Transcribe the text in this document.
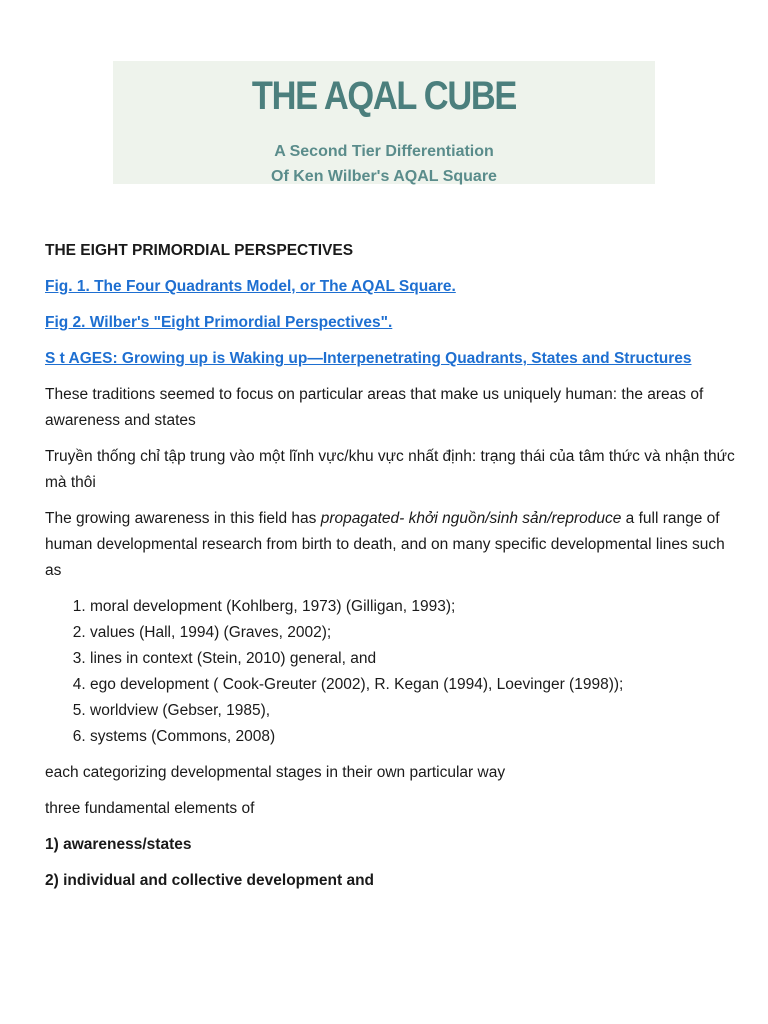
THE AQAL CUBE
A Second Tier Differentiation
Of Ken Wilber's AQAL Square

THE EIGHT PRIMORDIAL PERSPECTIVES

Fig. 1. The Four Quadrants Model, or The AQAL Square.
Fig 2. Wilber's "Eight Primordial Perspectives".
S t AGES: Growing up is Waking up—Interpenetrating Quadrants, States and Structures

These traditions seemed to focus on particular areas that make us uniquely human: the areas of awareness and states

Truyền thống chỉ tập trung vào một lĩnh vực/khu vực nhất định: trạng thái của tâm thức và nhận thức mà thôi

The growing awareness in this field has propagated- khởi nguồn/sinh sản/reproduce a full range of human developmental research from birth to death, and on many specific developmental lines such as

1. moral development (Kohlberg, 1973) (Gilligan, 1993);
2. values (Hall, 1994) (Graves, 2002);
3. lines in context (Stein, 2010) general, and
4. ego development ( Cook-Greuter (2002), R. Kegan (1994), Loevinger (1998));
5. worldview (Gebser, 1985),
6. systems (Commons, 2008)

each categorizing developmental stages in their own particular way

three fundamental elements of

1) awareness/states

2) individual and collective development and
